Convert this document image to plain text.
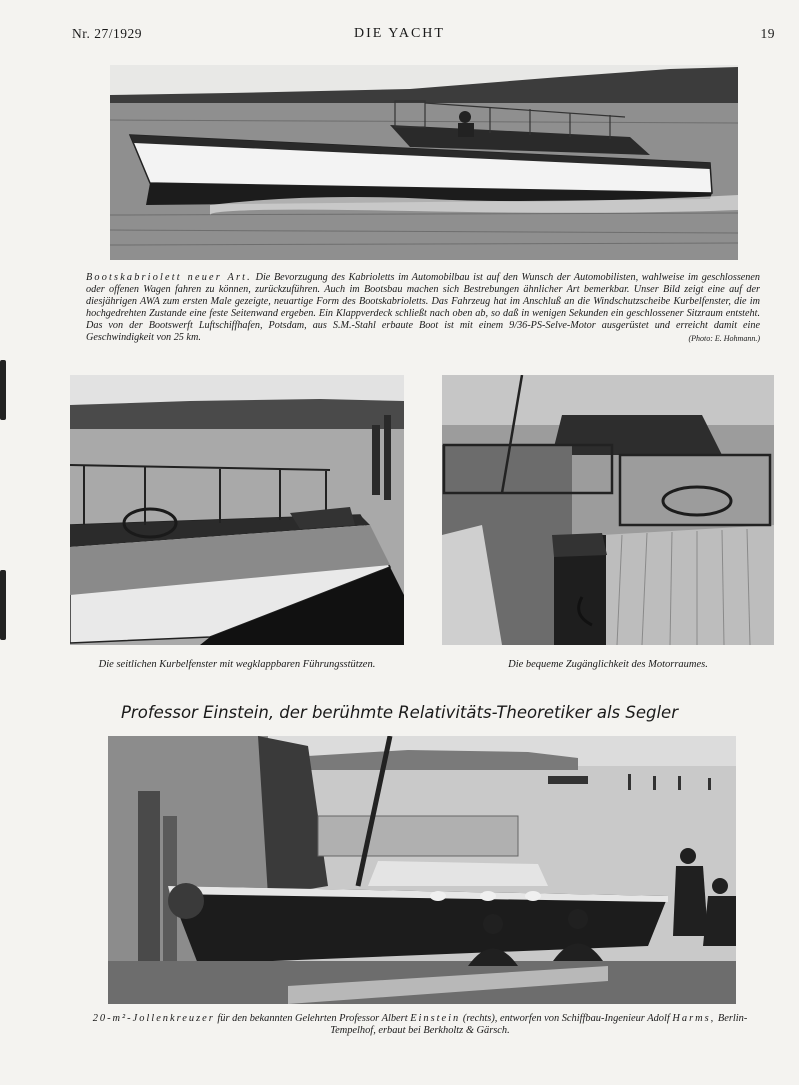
Nr. 27/1929	DIE YACHT	19
Bootskabriolett neuer Art. Die Bevorzugung des Kabrioletts im Automobilbau ist auf den Wunsch der Automobilisten, wahlweise im geschlossenen oder offenen Wagen fahren zu können, zurückzuführen. Auch im Bootsbau machen sich Bestrebungen ähnlicher Art bemerkbar. Unser Bild zeigt eine auf der diesjährigen AWA zum ersten Male gezeigte, neuartige Form des Bootskabrioletts. Das Fahrzeug hat im Anschluß an die Windschutzscheibe Kurbelfenster, die im hochgedrehten Zustande eine feste Seitenwand ergeben. Ein Klappverdeck schließt nach oben ab, so daß in wenigen Sekunden ein geschlossener Sitzraum entsteht. Das von der Bootswerft Luftschiffhafen, Potsdam, aus S.M.-Stahl erbaute Boot ist mit einem 9/36-PS-Selve-Motor ausgerüstet und erreicht damit eine Geschwindigkeit von 25 km.	(Photo: E. Hohmann.)
Die seitlichen Kurbelfenster mit wegklappbaren Führungsstützen.	Die bequeme Zugänglichkeit des Motorraumes.
Professor Einstein, der berühmte Relativitäts-Theoretiker als Segler
20-m²-Jollenkreuzer für den bekannten Gelehrten Professor Albert Einstein (rechts), entworfen von Schiffbau-Ingenieur Adolf Harms, Berlin-Tempelhof, erbaut bei Berkholtz & Gärsch.
